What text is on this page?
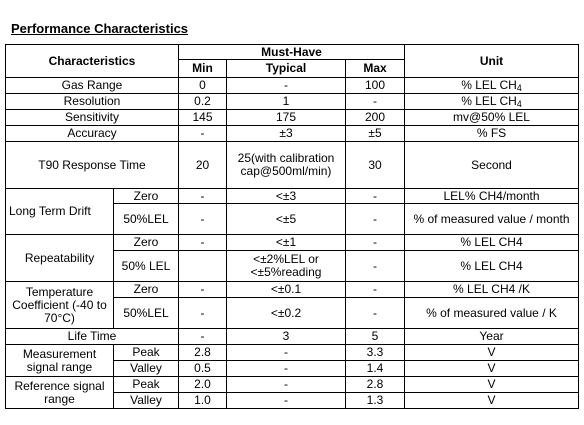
Performance Characteristics
Characteristics		Must-Have			Unit
		Min	Typical	Max	
Gas Range		0	-	100	% LEL $CH_4$
Resolution		0.2	1	-	% LEL $CH_4$
Sensitivity		145	175	200	mv@50% LEL
Accuracy		-	±3	±5	% FS
T90 Response Time		20	25(with calibration cap@500ml/min)	30	Second
Long Term Drift	Zero	-	<±3	-	LEL% CH4/month
	50%LEL	-	<±5	-	% of measured value / month
Repeatability	Zero	-	<±1	-	% LEL CH4
	50% LEL		<±2%LEL or <±5%reading	-	% LEL CH4
Temperature Coefficient (-40 to 70°C)	Zero	-	<±0.1	-	% LEL CH4 /K
	50%LEL	-	<±0.2	-	% of measured value / K
Life Time		-	3	5	Year
Measurement signal range	Peak	2.8	-	3.3	V
	Valley	0.5	-	1.4	V
Reference signal range	Peak	2.0	-	2.8	V
	Valley	1.0	-	1.3	V
